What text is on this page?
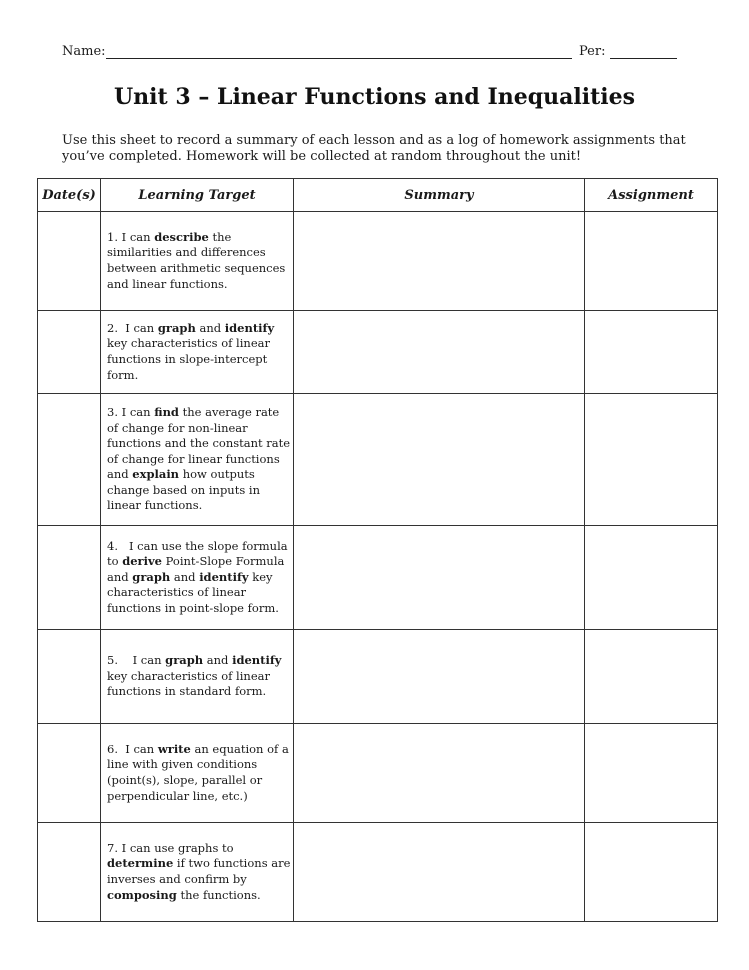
Name:	Per:
Unit 3 – Linear Functions and Inequalities
Use this sheet to record a summary of each lesson and as a log of homework assignments that
you’ve completed. Homework will be collected at random throughout the unit!
Date(s)	Learning Target	Summary	Assignment
	1. I can describe the similarities and differences between arithmetic sequences and linear functions.		
	2.  I can graph and identify key characteristics of linear functions in slope-intercept form.		
	3. I can find the average rate of change for non-linear functions and the constant rate of change for linear functions and explain how outputs change based on inputs in linear functions.		
	4.   I can use the slope formula to derive Point-Slope Formula and graph and identify key characteristics of linear functions in point-slope form.		
	5.    I can graph and identify key characteristics of linear functions in standard form.		
	6.  I can write an equation of a line with given conditions (point(s), slope, parallel or perpendicular line, etc.)		
	7. I can use graphs to determine if two functions are inverses and confirm by composing the functions.		
